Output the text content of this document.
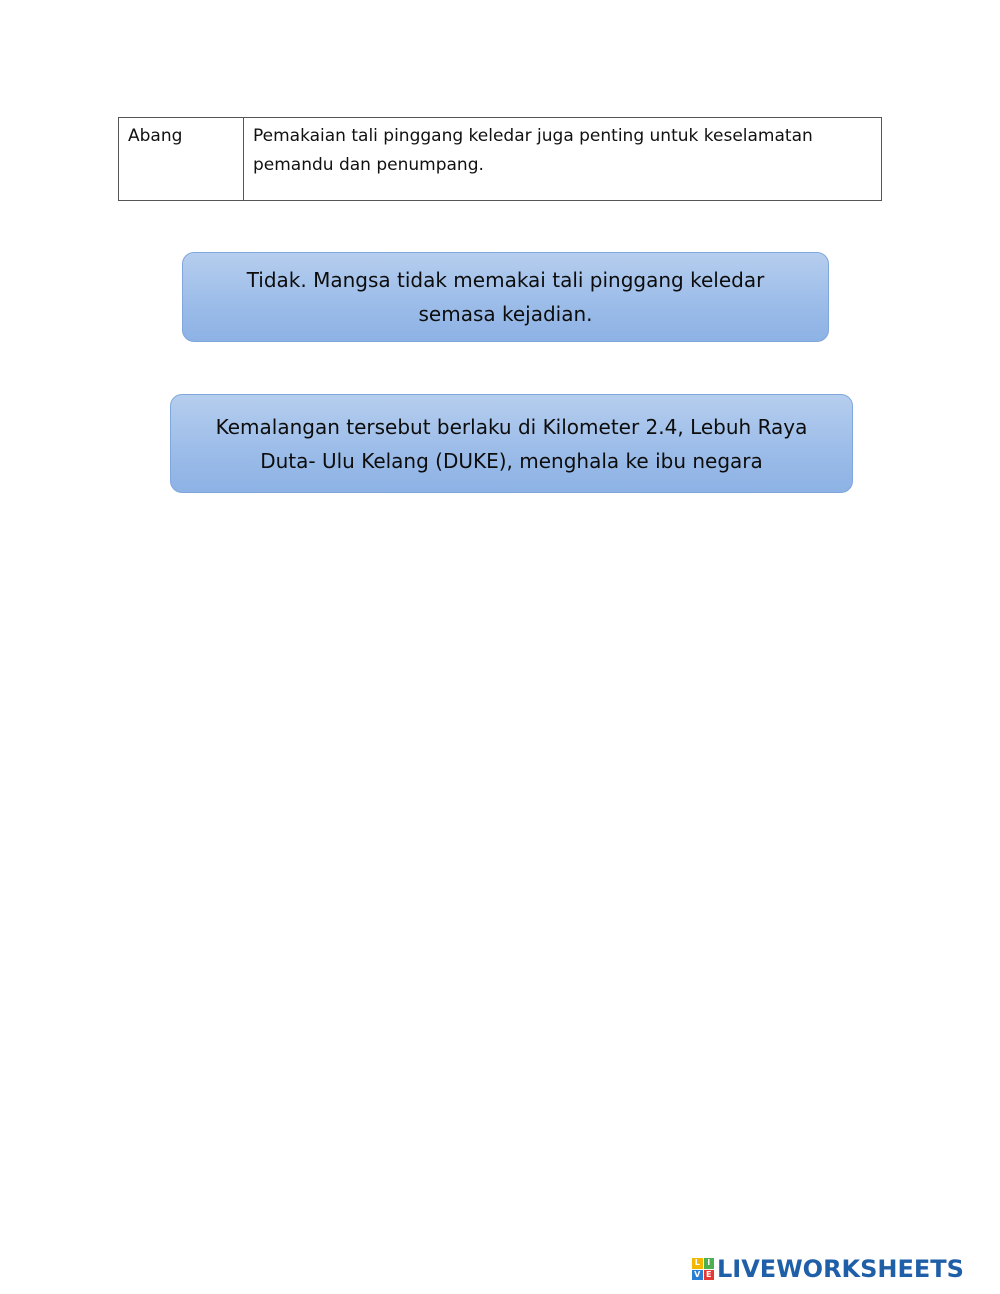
Abang	Pemakaian tali pinggang keledar juga penting untuk keselamatan pemandu dan penumpang.
Tidak. Mangsa tidak memakai tali pinggang keledar semasa kejadian.
Kemalangan tersebut berlaku di Kilometer 2.4, Lebuh Raya Duta- Ulu Kelang (DUKE), menghala ke ibu negara
L I
V E LIVEWORKSHEETS
